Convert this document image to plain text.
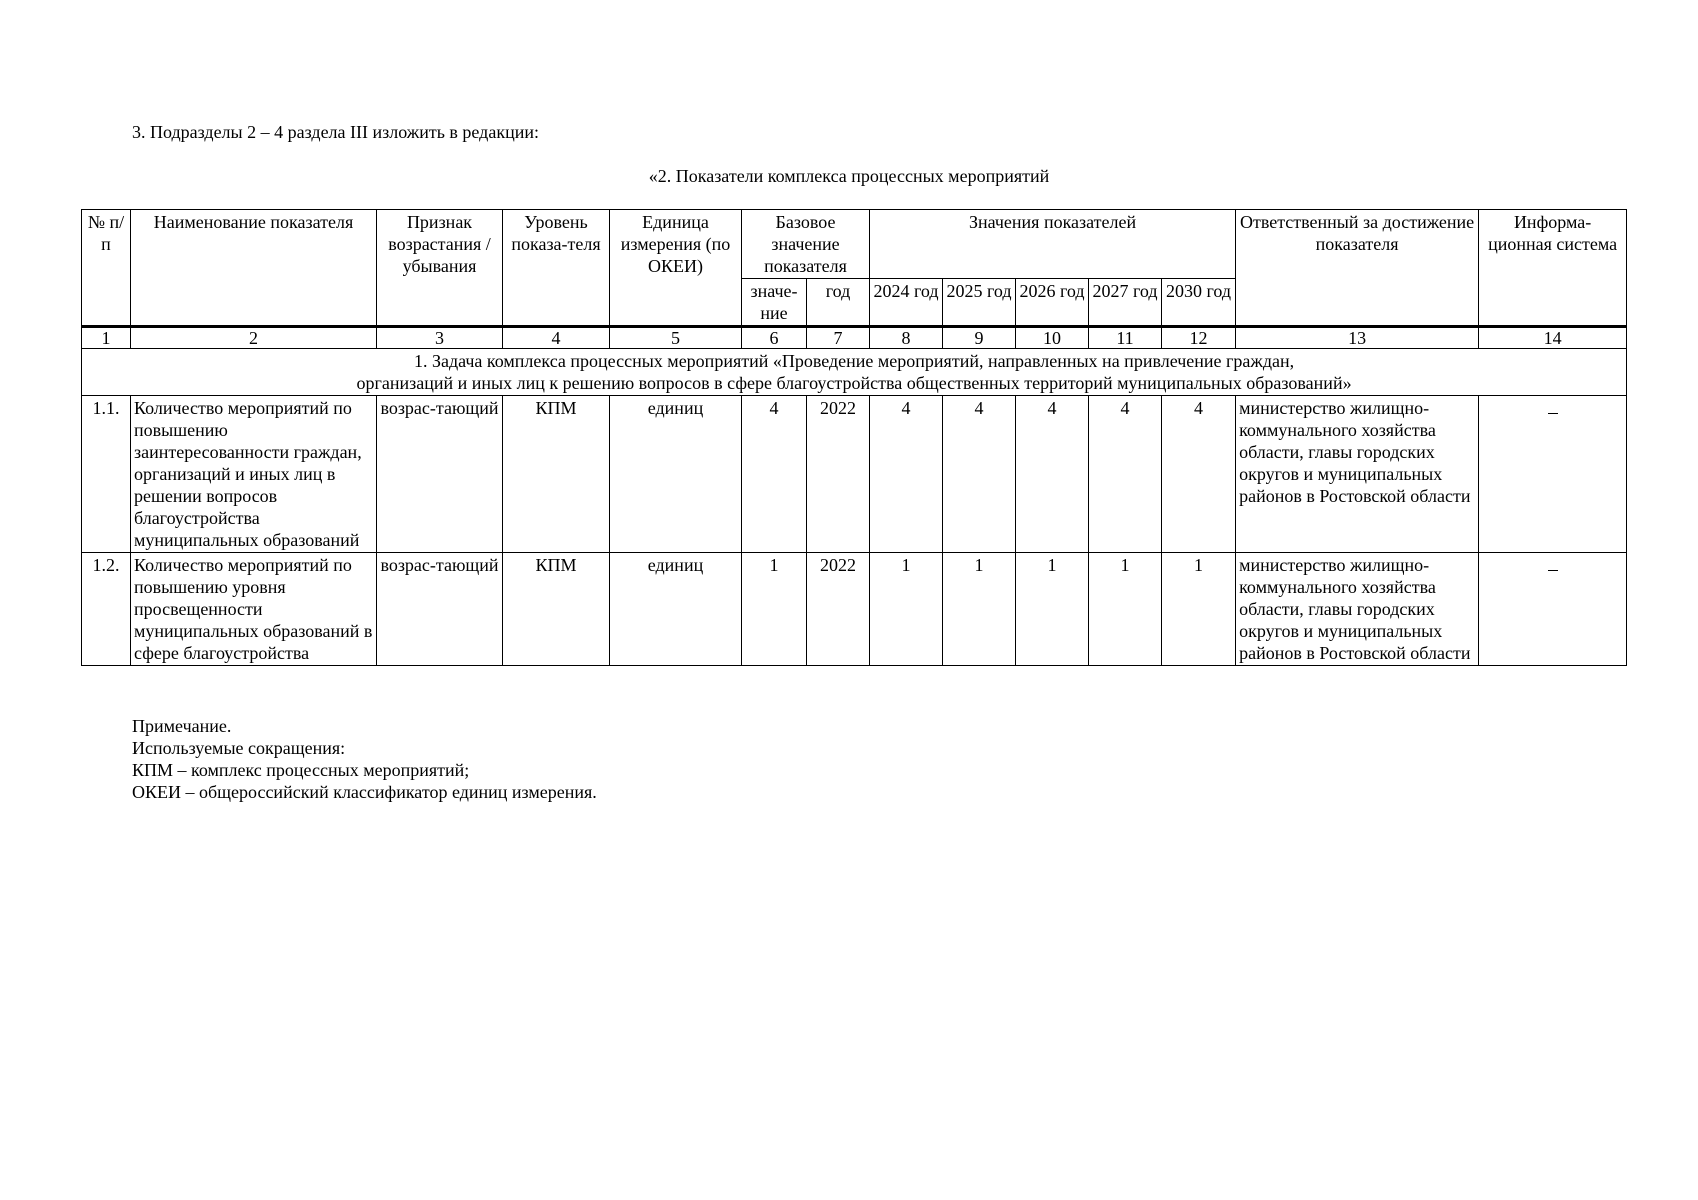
3. Подразделы 2 – 4 раздела III изложить в редакции:
«2. Показатели комплекса процессных мероприятий
№ п/п	Наименование показателя	Признак возрастания / убывания	Уровень показа-теля	Единица измерения (по ОКЕИ)	Базовое значение показателя		Значения показателей					Ответственный за достижение показателя	Информа-ционная система
					значе-ние	год	2024 год	2025 год	2026 год	2027 год	2030 год		
1	2	3	4	5	6	7	8	9	10	11	12	13	14

1. Задача комплекса процессных мероприятий «Проведение мероприятий, направленных на привлечение граждан,
организаций и иных лиц к решению вопросов в сфере благоустройства общественных территорий муниципальных образований»													

1.1.	Количество мероприятий по повышению заинтересованности граждан, организаций и иных лиц в решении вопросов благоустройства муниципальных образований	возрас-тающий	КПМ	единиц	4	2022	4	4	4	4	4	министерство жилищно-коммунального хозяйства области, главы городских округов и муниципальных районов в Ростовской области	
1.2.	Количество мероприятий по повышению уровня просвещенности муниципальных образований в сфере благоустройства	возрас-тающий	КПМ	единиц	1	2022	1	1	1	1	1	министерство жилищно-коммунального хозяйства области, главы городских округов и муниципальных районов в Ростовской области	
Примечание.
Используемые сокращения:
КПМ – комплекс процессных мероприятий;
ОКЕИ – общероссийский классификатор единиц измерения.
